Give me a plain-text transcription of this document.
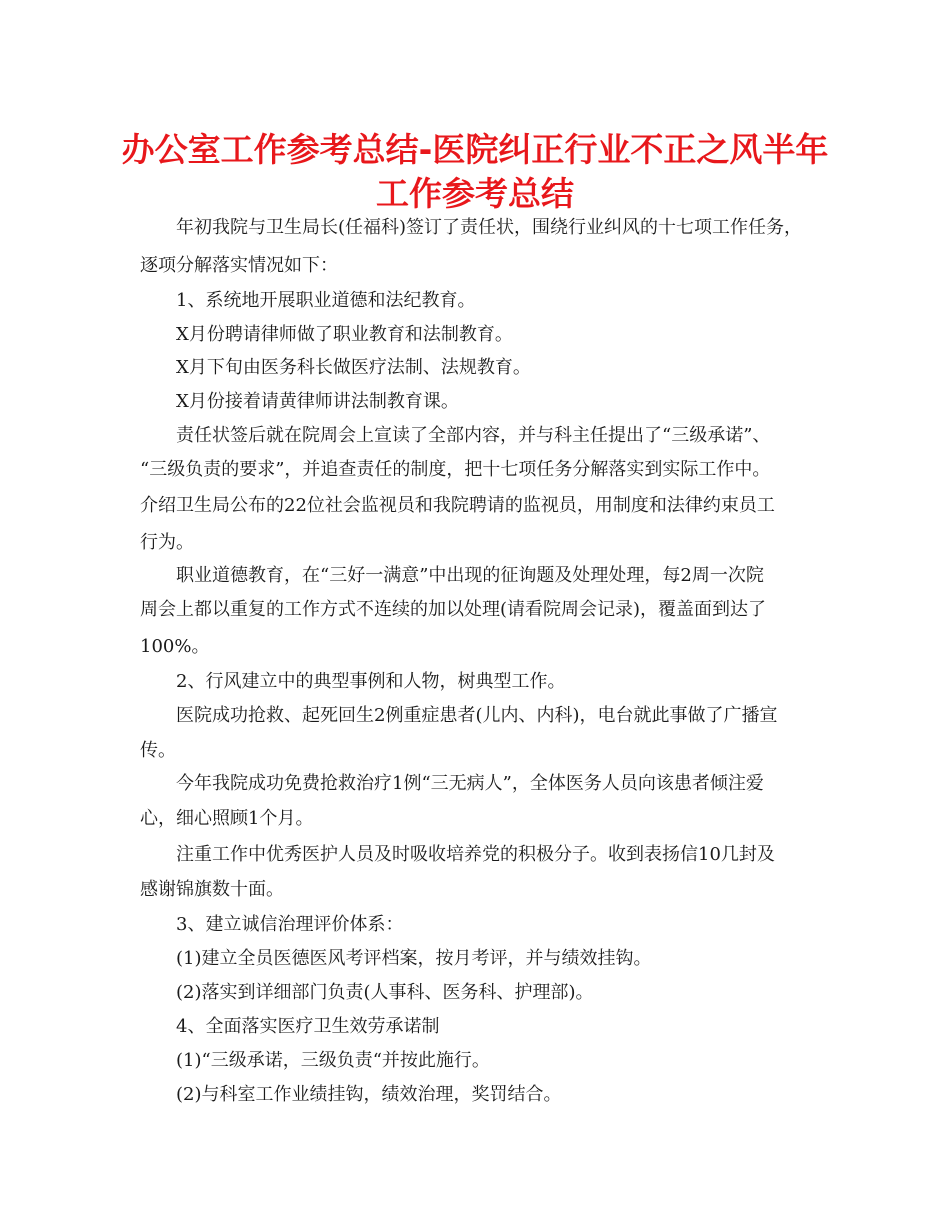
办公室工作参考总结-医院纠正行业不正之风半年
工作参考总结
年初我院与卫生局长(任福科)签订了责任状，围绕行业纠风的十七项工作任务，
逐项分解落实情况如下：
1、系统地开展职业道德和法纪教育。
X月份聘请律师做了职业教育和法制教育。
X月下旬由医务科长做医疗法制、法规教育。
X月份接着请黄律师讲法制教育课。
责任状签后就在院周会上宣读了全部内容，并与科主任提出了“三级承诺”、
“三级负责的要求”，并追查责任的制度，把十七项任务分解落实到实际工作中。
介绍卫生局公布的22位社会监视员和我院聘请的监视员，用制度和法律约束员工
行为。
职业道德教育，在“三好一满意”中出现的征询题及处理处理，每2周一次院
周会上都以重复的工作方式不连续的加以处理(请看院周会记录)，覆盖面到达了
100%。
2、行风建立中的典型事例和人物，树典型工作。
医院成功抢救、起死回生2例重症患者(儿内、内科)，电台就此事做了广播宣
传。
今年我院成功免费抢救治疗1例“三无病人”，全体医务人员向该患者倾注爱
心，细心照顾1个月。
注重工作中优秀医护人员及时吸收培养党的积极分子。收到表扬信10几封及
感谢锦旗数十面。
3、建立诚信治理评价体系：
(1)建立全员医德医风考评档案，按月考评，并与绩效挂钩。
(2)落实到详细部门负责(人事科、医务科、护理部)。
4、全面落实医疗卫生效劳承诺制
(1)“三级承诺，三级负责“并按此施行。
(2)与科室工作业绩挂钩，绩效治理，奖罚结合。
